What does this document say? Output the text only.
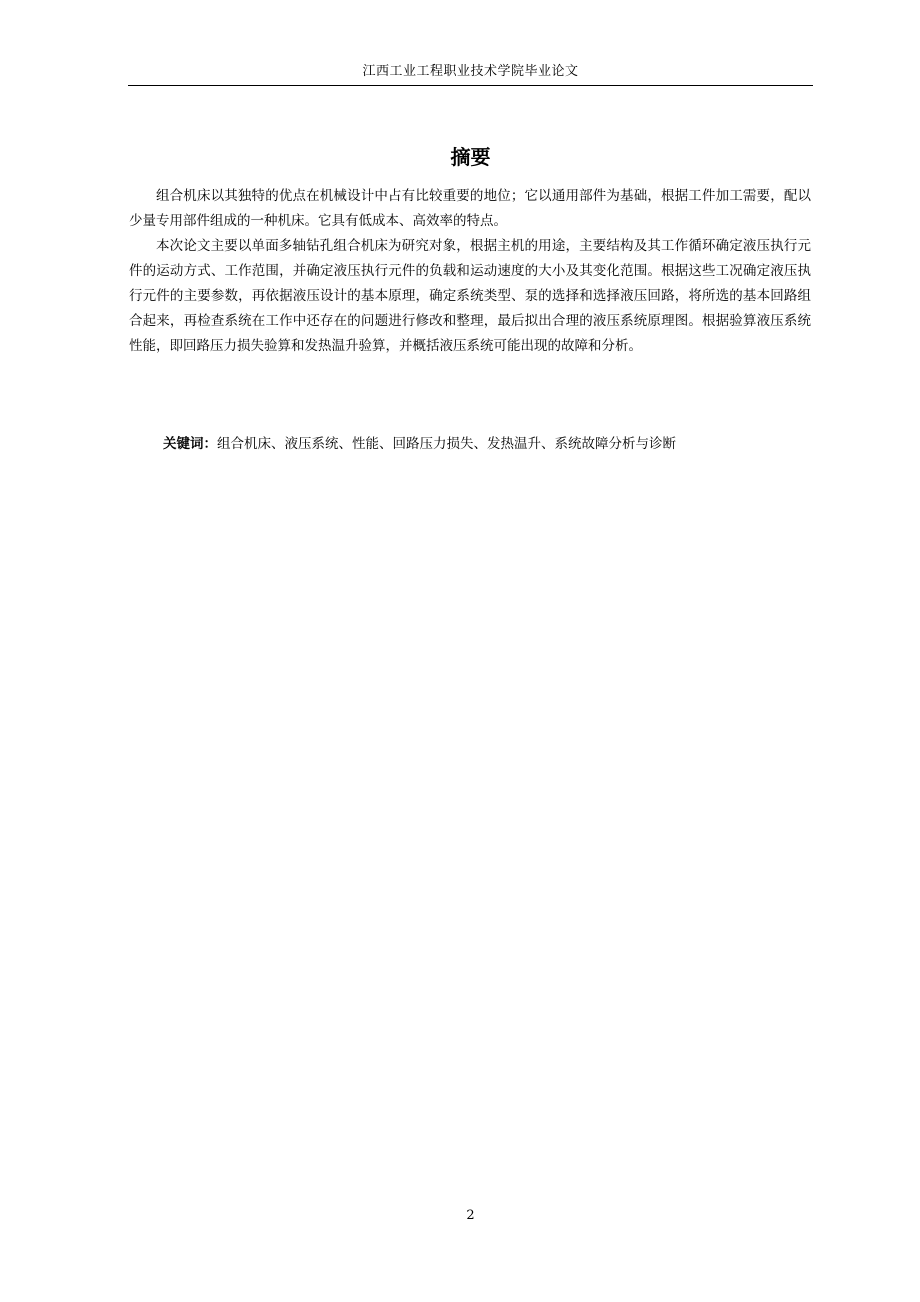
江西工业工程职业技术学院毕业论文
摘要

组合机床以其独特的优点在机械设计中占有比较重要的地位；它以通用部件为基础，根据工件加工需要，配以少量专用部件组成的一种机床。它具有低成本、高效率的特点。

本次论文主要以单面多轴钻孔组合机床为研究对象，根据主机的用途，主要结构及其工作循环确定液压执行元件的运动方式、工作范围，并确定液压执行元件的负载和运动速度的大小及其变化范围。根据这些工况确定液压执行元件的主要参数，再依据液压设计的基本原理，确定系统类型、泵的选择和选择液压回路，将所选的基本回路组合起来，再检查系统在工作中还存在的问题进行修改和整理，最后拟出合理的液压系统原理图。根据验算液压系统性能，即回路压力损失验算和发热温升验算，并概括液压系统可能出现的故障和分析。

关键词：组合机床、液压系统、性能、回路压力损失、发热温升、系统故障分析与诊断
2
